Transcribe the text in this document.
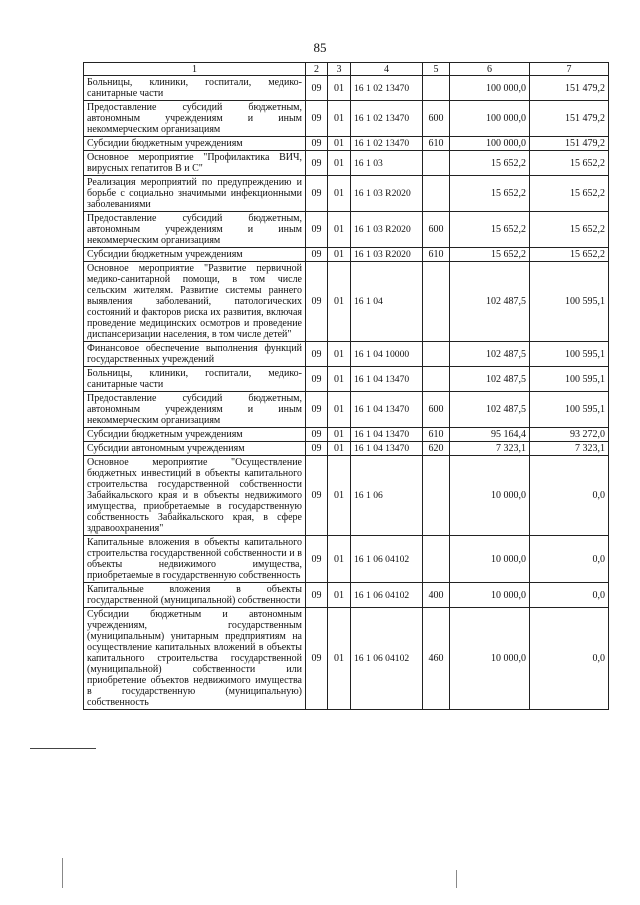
85
1	2	3	4	5	6	7
Больницы, клиники, госпитали, медико-санитарные части	09	01	16 1 02 13470		100 000,0	151 479,2
Предоставление субсидий бюджетным, автономным учреждениям и иным некоммерческим организациям	09	01	16 1 02 13470	600	100 000,0	151 479,2
Субсидии бюджетным учреждениям	09	01	16 1 02 13470	610	100 000,0	151 479,2
Основное мероприятие "Профилактика ВИЧ, вирусных гепатитов В и С"	09	01	16 1 03		15 652,2	15 652,2
Реализация мероприятий по предупреждению и борьбе с социально значимыми инфекционными заболеваниями	09	01	16 1 03 R2020		15 652,2	15 652,2
Предоставление субсидий бюджетным, автономным учреждениям и иным некоммерческим организациям	09	01	16 1 03 R2020	600	15 652,2	15 652,2
Субсидии бюджетным учреждениям	09	01	16 1 03 R2020	610	15 652,2	15 652,2
Основное мероприятие "Развитие первичной медико-санитарной помощи, в том числе сельским жителям. Развитие системы раннего выявления заболеваний, патологических состояний и факторов риска их развития, включая проведение медицинских осмотров и проведение диспансеризации населения, в том числе детей"	09	01	16 1 04		102 487,5	100 595,1
Финансовое обеспечение выполнения функций государственных учреждений	09	01	16 1 04 10000		102 487,5	100 595,1
Больницы, клиники, госпитали, медико-санитарные части	09	01	16 1 04 13470		102 487,5	100 595,1
Предоставление субсидий бюджетным, автономным учреждениям и иным некоммерческим организациям	09	01	16 1 04 13470	600	102 487,5	100 595,1
Субсидии бюджетным учреждениям	09	01	16 1 04 13470	610	95 164,4	93 272,0
Субсидии автономным учреждениям	09	01	16 1 04 13470	620	7 323,1	7 323,1
Основное мероприятие "Осуществление бюджетных инвестиций в объекты капитального строительства государственной собственности Забайкальского края и в объекты недвижимого имущества, приобретаемые в государственную собственность Забайкальского края, в сфере здравоохранения"	09	01	16 1 06		10 000,0	0,0
Капитальные вложения в объекты капитального строительства государственной собственности и в объекты недвижимого имущества, приобретаемые в государственную собственность	09	01	16 1 06 04102		10 000,0	0,0
Капитальные вложения в объекты государственной (муниципальной) собственности	09	01	16 1 06 04102	400	10 000,0	0,0
Субсидии бюджетным и автономным учреждениям, государственным (муниципальным) унитарным предприятиям на осуществление капитальных вложений в объекты капитального строительства государственной (муниципальной) собственности или приобретение объектов недвижимого имущества в государственную (муниципальную) собственность	09	01	16 1 06 04102	460	10 000,0	0,0
